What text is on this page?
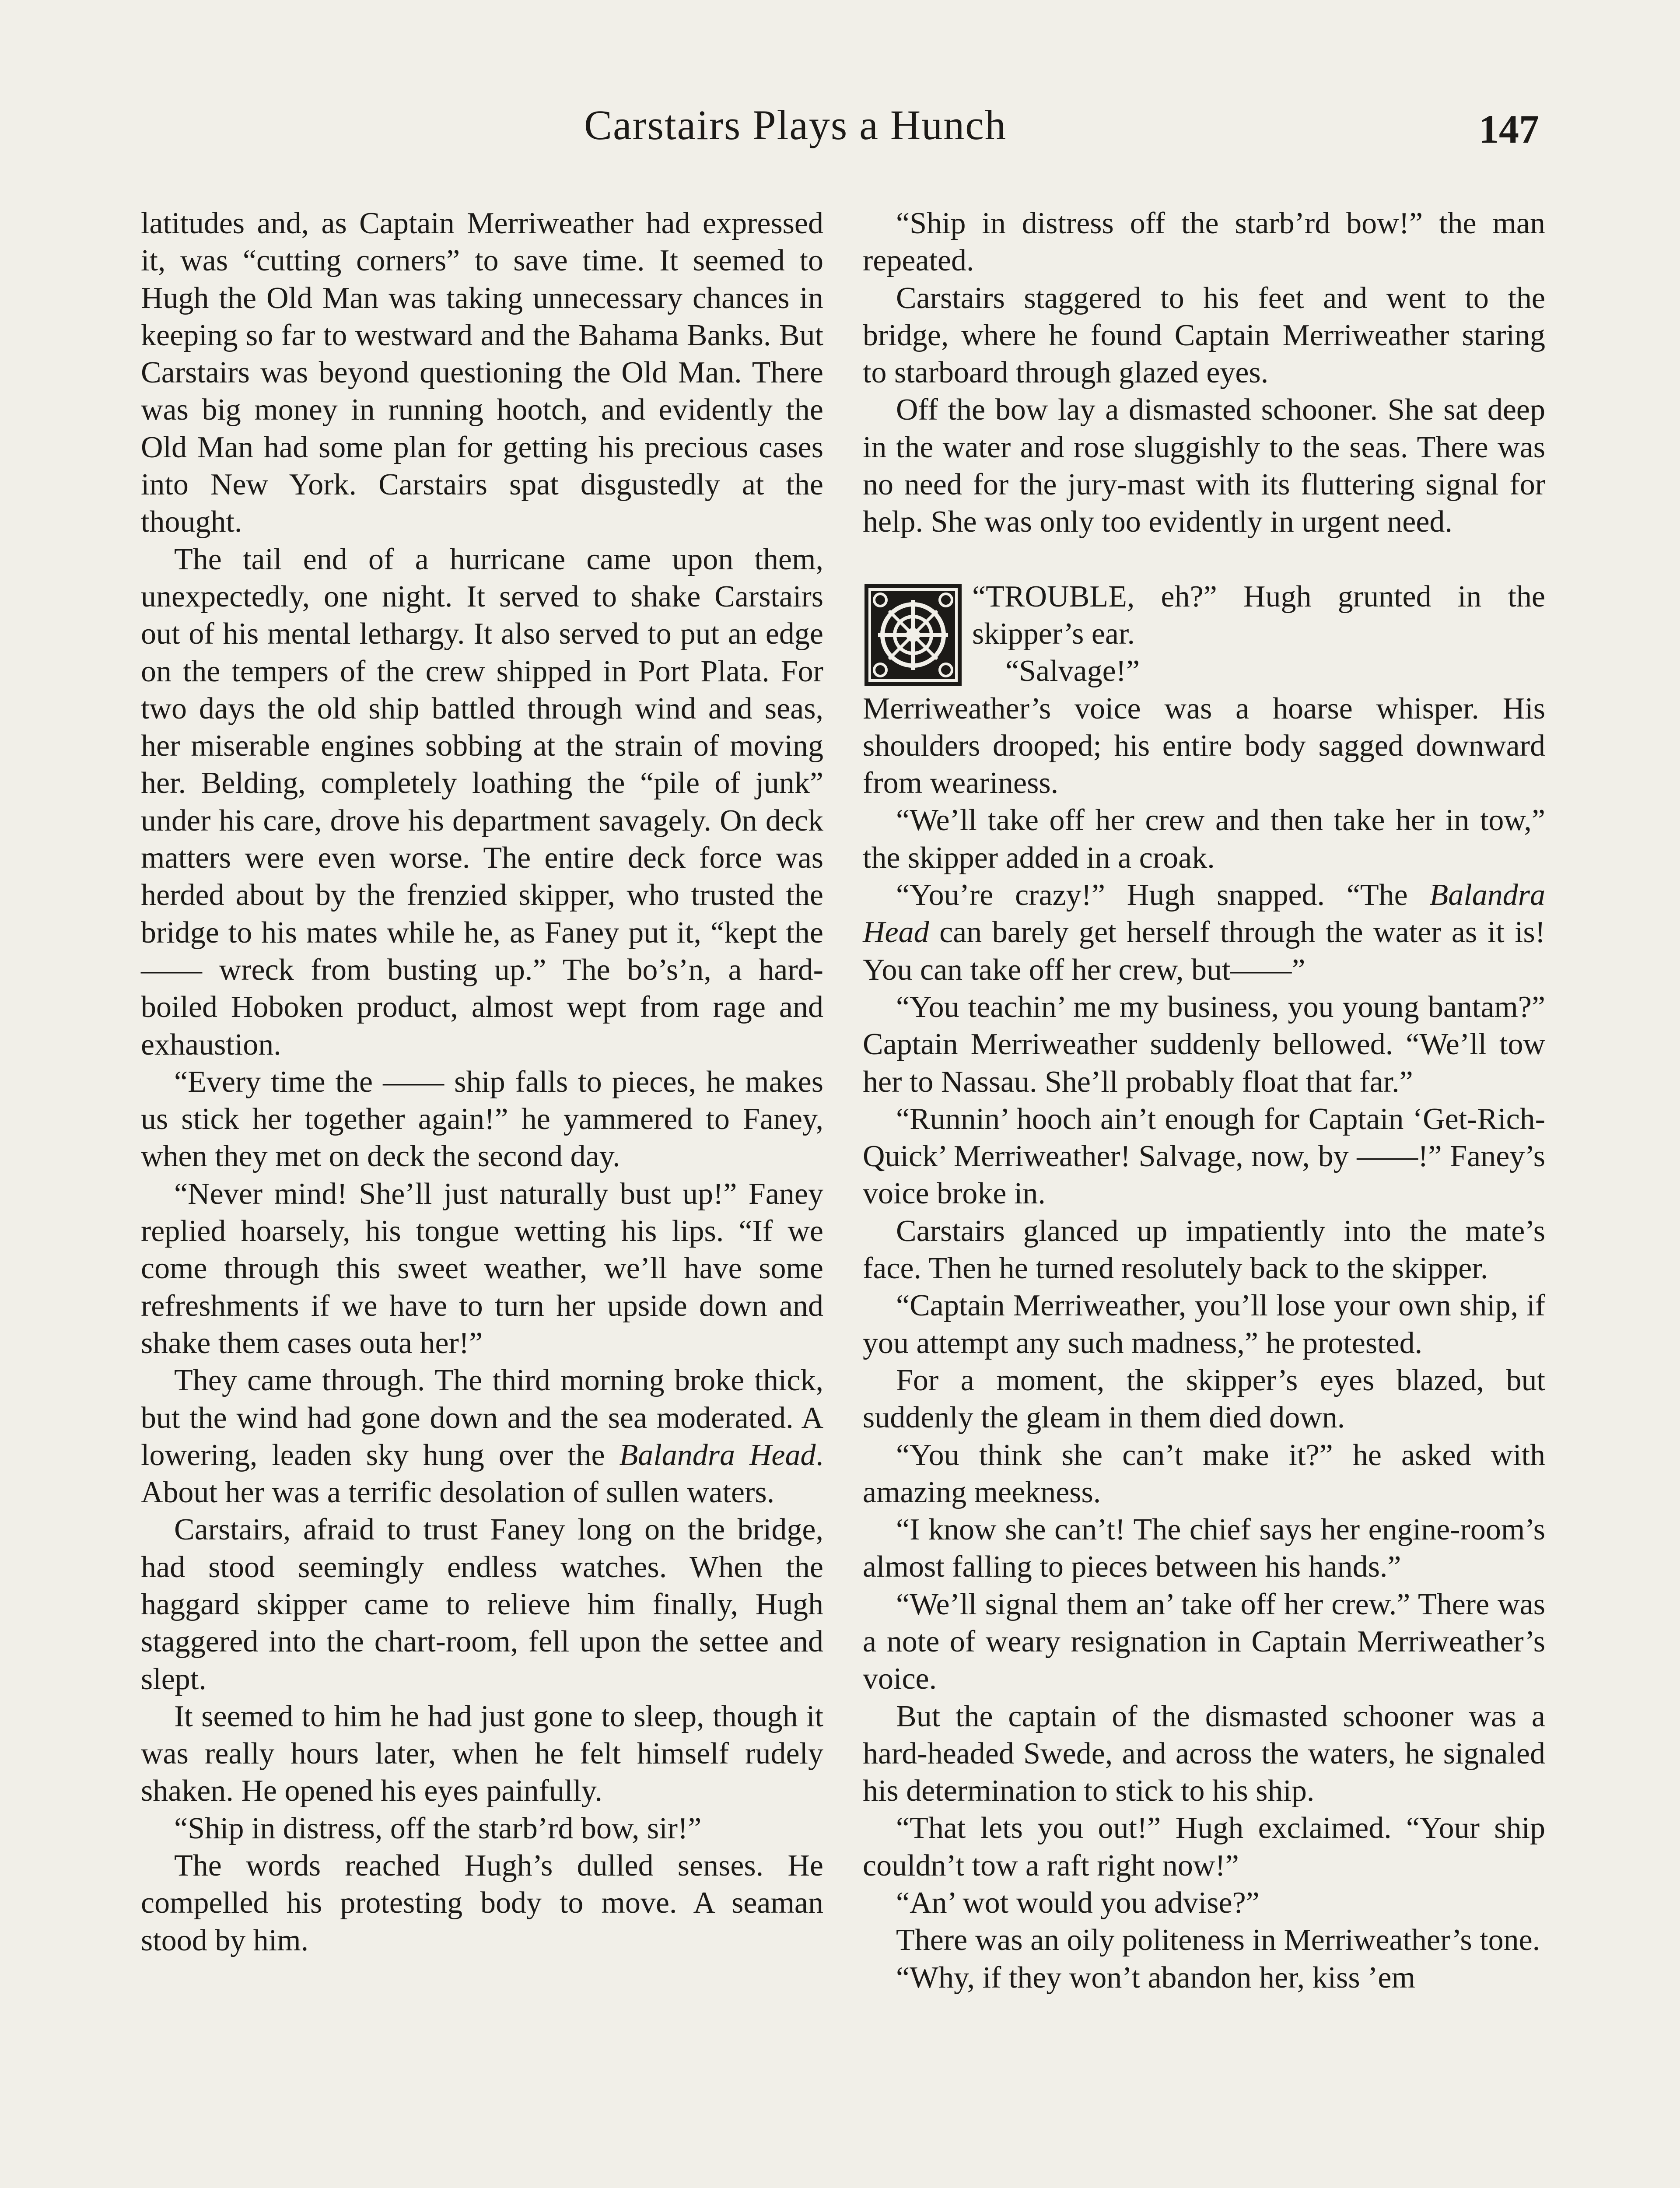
Carstairs Plays a Hunch	147

latitudes and, as Captain Merriweather had expressed it, was “cutting corners” to save time. It seemed to Hugh the Old Man was taking unnecessary chances in keeping so far to westward and the Bahama Banks. But Carstairs was beyond questioning the Old Man. There was big money in running hootch, and evidently the Old Man had some plan for getting his precious cases into New York. Carstairs spat disgustedly at the thought.

The tail end of a hurricane came upon them, unexpectedly, one night. It served to shake Carstairs out of his mental lethargy. It also served to put an edge on the tempers of the crew shipped in Port Plata. For two days the old ship battled through wind and seas, her miserable engines sobbing at the strain of moving her. Belding, completely loathing the “pile of junk” under his care, drove his department savagely. On deck matters were even worse. The entire deck force was herded about by the frenzied skipper, who trusted the bridge to his mates while he, as Faney put it, “kept the —— wreck from busting up.” The bo’s’n, a hard-boiled Hoboken product, almost wept from rage and exhaustion.

“Every time the —— ship falls to pieces, he makes us stick her together again!” he yammered to Faney, when they met on deck the second day.

“Never mind! She’ll just naturally bust up!” Faney replied hoarsely, his tongue wetting his lips. “If we come through this sweet weather, we’ll have some refreshments if we have to turn her upside down and shake them cases outa her!”

They came through. The third morning broke thick, but the wind had gone down and the sea moderated. A lowering, leaden sky hung over the Balandra Head. About her was a terrific desolation of sullen waters.

Carstairs, afraid to trust Faney long on the bridge, had stood seemingly endless watches. When the haggard skipper came to relieve him finally, Hugh staggered into the chart-room, fell upon the settee and slept.

It seemed to him he had just gone to sleep, though it was really hours later, when he felt himself rudely shaken. He opened his eyes painfully.

“Ship in distress, off the starb’rd bow, sir!”

The words reached Hugh’s dulled senses. He compelled his protesting body to move. A seaman stood by him.

“Ship in distress off the starb’rd bow!” the man repeated.

Carstairs staggered to his feet and went to the bridge, where he found Captain Merriweather staring to starboard through glazed eyes.

Off the bow lay a dismasted schooner. She sat deep in the water and rose sluggishly to the seas. There was no need for the jury-mast with its fluttering signal for help. She was only too evidently in urgent need.

“TROUBLE, eh?” Hugh grunted in the skipper’s ear.

“Salvage!”

Merriweather’s voice was a hoarse whisper. His shoulders drooped; his entire body sagged downward from weariness.

“We’ll take off her crew and then take her in tow,” the skipper added in a croak.

“You’re crazy!” Hugh snapped. “The Balandra Head can barely get herself through the water as it is! You can take off her crew, but——”

“You teachin’ me my business, you young bantam?” Captain Merriweather suddenly bellowed. “We’ll tow her to Nassau. She’ll probably float that far.”

“Runnin’ hooch ain’t enough for Captain ‘Get-Rich-Quick’ Merriweather! Salvage, now, by ——!” Faney’s voice broke in.

Carstairs glanced up impatiently into the mate’s face. Then he turned resolutely back to the skipper.

“Captain Merriweather, you’ll lose your own ship, if you attempt any such madness,” he protested.

For a moment, the skipper’s eyes blazed, but suddenly the gleam in them died down.

“You think she can’t make it?” he asked with amazing meekness.

“I know she can’t! The chief says her engine-room’s almost falling to pieces between his hands.”

“We’ll signal them an’ take off her crew.” There was a note of weary resignation in Captain Merriweather’s voice.

But the captain of the dismasted schooner was a hard-headed Swede, and across the waters, he signaled his determination to stick to his ship.

“That lets you out!” Hugh exclaimed. “Your ship couldn’t tow a raft right now!”

“An’ wot would you advise?”

There was an oily politeness in Merriweather’s tone.

“Why, if they won’t abandon her, kiss ’em
